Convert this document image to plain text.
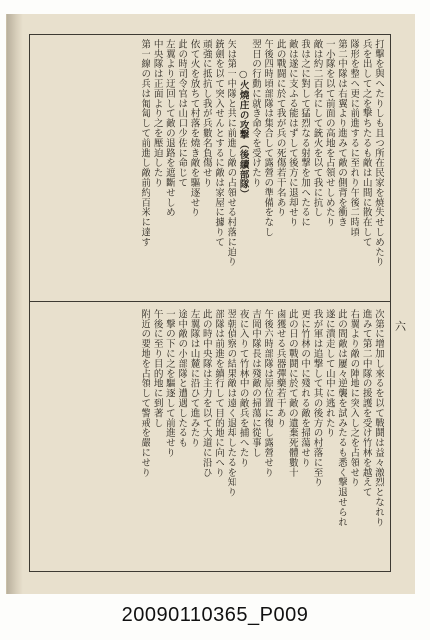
打擊を與へたりしも且つ所在民家を焼失せしめたり
兵を出して之を撃ちたるも敵は山間に散在して
隊形を整へ更に前進するに至れり午後二時頃
第二中隊は右翼より進みて敵の側背を衝き
一小隊を以て前面の高地を占領せしめたり
敵は約二百名にして銃火を以て我に抗し
我は之に對して猛烈なる射撃を加へたるに
敵は遂に支ふる能はずして後方に退却せり
此の戰闘に於て我が兵の死傷若干名あり
午後四時頃部隊は集合して露營の準備をなし
翌日の行動に就き命令を受けたり
○火燒庄の攻撃（後續部隊）
矢は第一中隊と共に前進し敵の占領せる村落に迫り
銃劍を以て突入せんとするに敵は家屋に據りて
頑強に抵抗し我が兵數名負傷せり
依て火を放ちて村落を燒き敵を驅逐せり
此の時司令官は山口少佐に命じて
左翼より迂回して敵の退路を遮斷せしめ
中央隊は正面より之を壓迫したり
第一線の兵は匍匐して前進し敵前約百米に達す
次第に增加し來るを以て戰鬪は益々激烈となれり
進みて第二中隊の援護を受け竹林を越えて
右翼より敵の陣地に突入し之を占領せり
此の間敵は屢々逆襲を試みたるも悉く撃退せられ
遂に潰走して山中に逃れたり
我が軍は追撃して其の後方の村落に至り
更に竹林の中に殘れる敵を掃蕩せり
此の日の戰鬪に於て敵の遺棄死體數十
鹵獲せる兵器彈藥若干あり
午後六時部隊は原位置に復し露營せり
吉岡中隊長は殘敵の掃蕩に從事し
夜に入りて竹林中の敵兵を捕へたり
翌朝偵察の結果敵は遠く退却したるを知り
部隊は前進を續行して目的地に向へり
此の時中央隊は主力を以て大道に沿ひ
左翼隊は山麓に沿ひて進みたり
途中敵の小部隊と遭遇したるも
一撃の下に之を驅逐して前進せり
午後に至り目的地に到著し
附近の要地を占領して警戒を嚴にせり	六
20090110365_P009
